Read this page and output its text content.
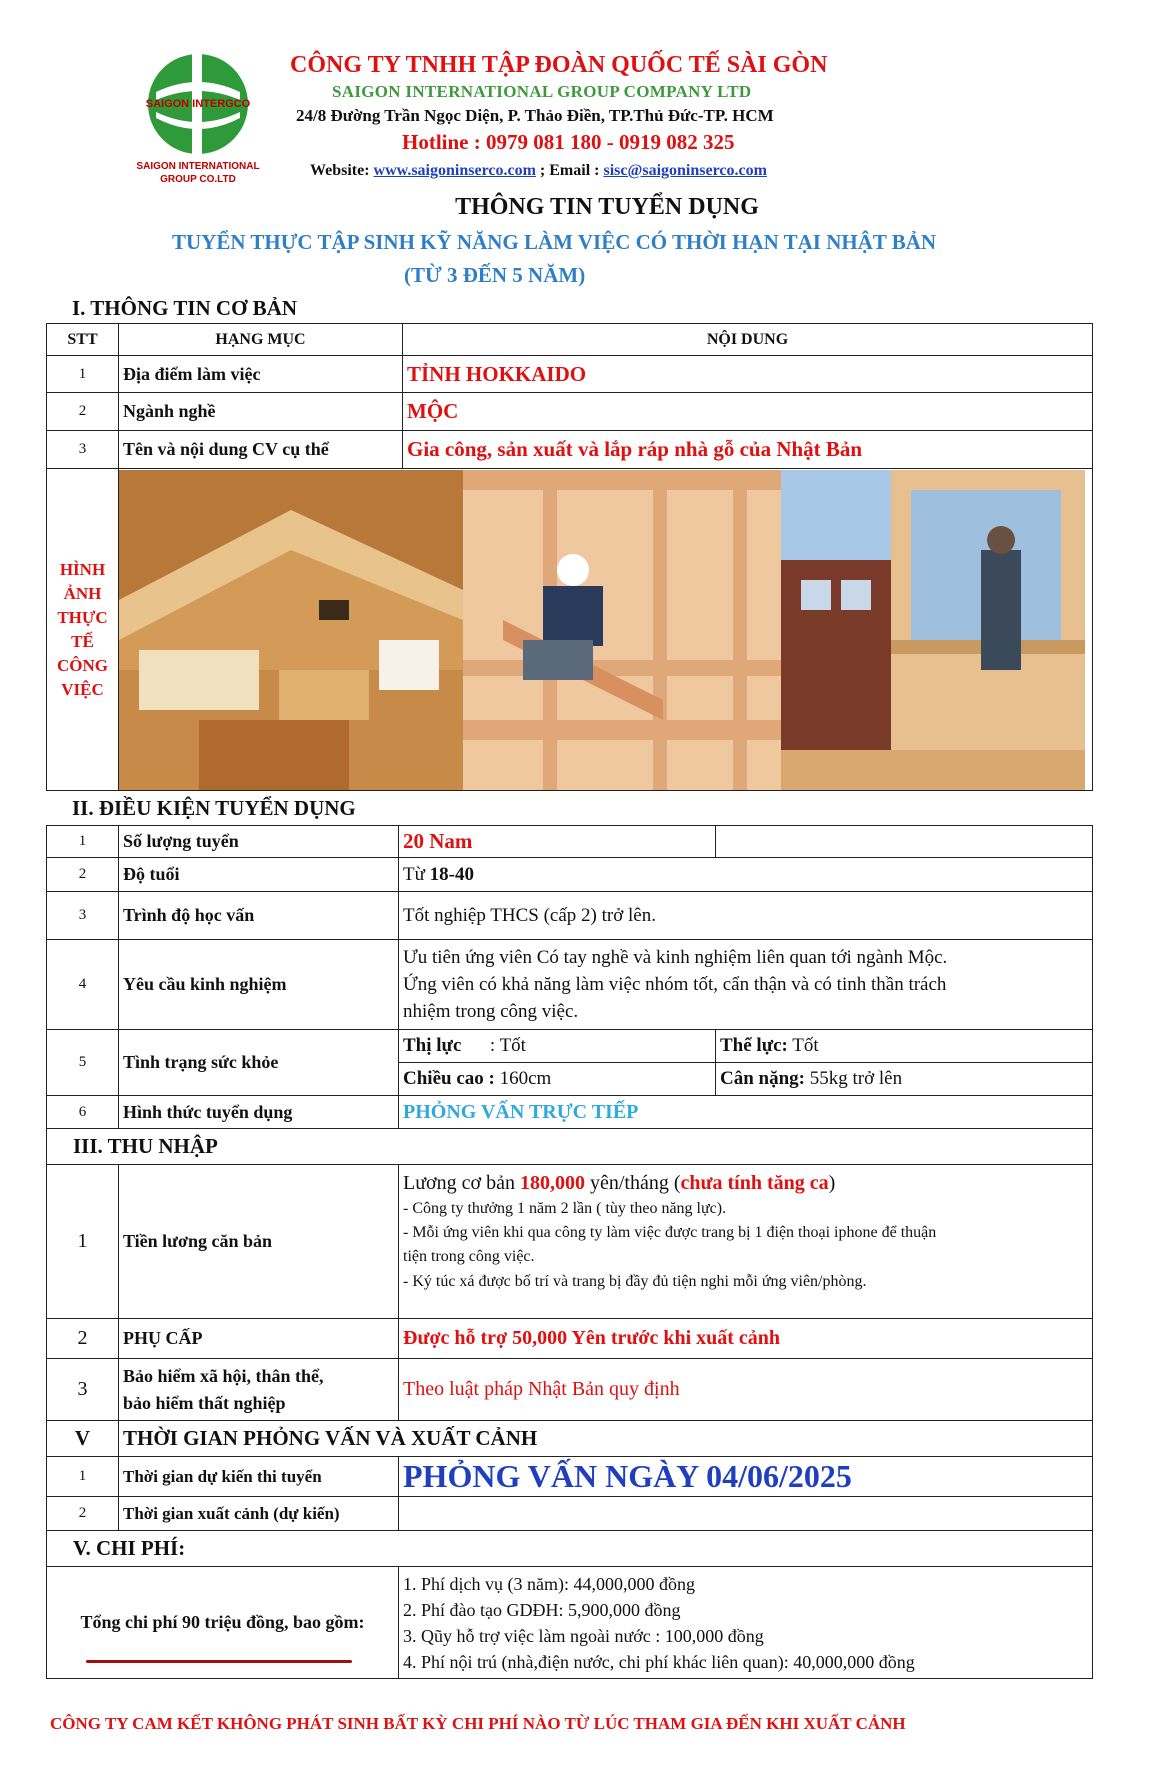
SAIGON INTERGCO
SAIGON INTERNATIONAL GROUP CO.LTD
CÔNG TY TNHH TẬP ĐOÀN QUỐC TẾ SÀI GÒN
SAIGON INTERNATIONAL GROUP COMPANY LTD
24/8 Đường Trần Ngọc Diện, P. Thảo Điền, TP.Thủ Đức-TP. HCM
Hotline : 0979 081 180 - 0919 082 325
Website: www.saigoninserco.com ; Email : sisc@saigoninserco.com
THÔNG TIN TUYỂN DỤNG
TUYỂN THỰC TẬP SINH KỸ NĂNG LÀM VIỆC CÓ THỜI HẠN TẠI NHẬT BẢN
(TỪ 3 ĐẾN 5 NĂM)
I. THÔNG TIN CƠ BẢN
STT	HẠNG MỤC	NỘI DUNG
1	Địa điểm làm việc	TỈNH HOKKAIDO
2	Ngành nghề	MỘC
3	Tên và nội dung CV cụ thể	Gia công, sản xuất và lắp ráp nhà gỗ của Nhật Bản

HÌNH ẢNH THỰC TẾ CÔNG VIỆC

II. ĐIỀU KIỆN TUYỂN DỤNG
1	Số lượng tuyển	20 Nam	
2	Độ tuổi	Từ 18-40	
3	Trình độ học vấn	Tốt nghiệp THCS (cấp 2) trở lên.	
4	Yêu cầu kinh nghiệm	Ưu tiên ứng viên Có tay nghề và kinh nghiệm liên quan tới ngành Mộc.
Ứng viên có khả năng làm việc nhóm tốt, cẩn thận và có tinh thần trách
nhiệm trong công việc.	

5	Tình trạng sức khỏe	Thị lực      : Tốt	Thể lực: Tốt
		Chiều cao : 160cm	Cân nặng: 55kg trở lên
6	Hình thức tuyển dụng	PHỎNG VẤN TRỰC TIẾP	
III. THU NHẬP			
1	Tiền lương căn bản	Lương cơ bản 180,000 yên/tháng (chưa tính tăng ca)
- Công ty thưởng 1 năm 2 lần ( tùy theo năng lực).
- Mỗi ứng viên khi qua công ty làm việc được trang bị 1 điện thoại iphone để thuận
tiện trong công việc.
- Ký túc xá được bố trí và trang bị đầy đủ tiện nghi mỗi ứng viên/phòng.	

2	PHỤ CẤP	Được hỗ trợ 50,000 Yên trước khi xuất cảnh	
3	Bảo hiểm xã hội, thân thể,
bảo hiểm thất nghiệp	Theo luật pháp Nhật Bản quy định	
V	THỜI GIAN PHỎNG VẤN VÀ XUẤT CẢNH		
1	Thời gian dự kiến thi tuyển	PHỎNG VẤN NGÀY 04/06/2025	
2	Thời gian xuất cảnh (dự kiến)		
V. CHI PHÍ:			
Tổng chi phí 90 triệu đồng, bao gồm:		1. Phí dịch vụ (3 năm): 44,000,000 đồng
2. Phí đào tạo GDĐH: 5,900,000 đồng
3. Qũy hỗ trợ việc làm ngoài nước : 100,000 đồng
4. Phí nội trú (nhà,điện nước, chi phí khác liên quan): 40,000,000 đồng	
CÔNG TY CAM KẾT KHÔNG PHÁT SINH BẤT KỲ CHI PHÍ NÀO TỪ LÚC THAM GIA ĐẾN KHI XUẤT CẢNH
